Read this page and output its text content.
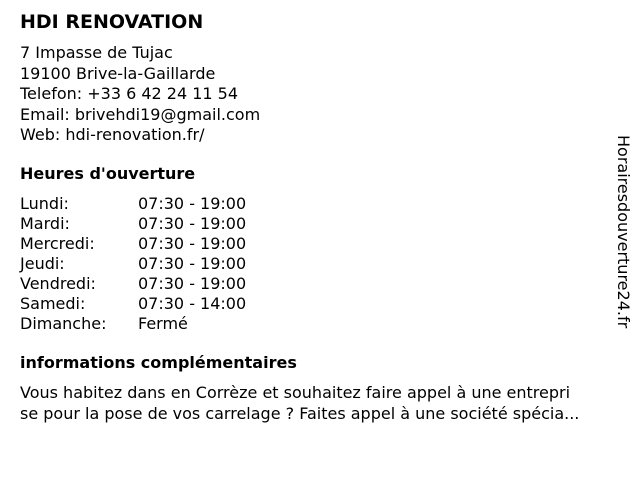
HDI RENOVATION
7 Impasse de Tujac
19100 Brive-la-Gaillarde
Telefon: +33 6 42 24 11 54
Email: brivehdi19@gmail.com
Web: hdi-renovation.fr/
Heures d'ouverture
Lundi:	07:30 - 19:00
Mardi:	07:30 - 19:00
Mercredi:	07:30 - 19:00
Jeudi:	07:30 - 19:00
Vendredi:	07:30 - 19:00
Samedi:	07:30 - 14:00
Dimanche:	Fermé
informations complémentaires
Vous habitez dans en Corrèze et souhaitez faire appel à une entrepri
se pour la pose de vos carrelage ? Faites appel à une société spécia...
Horairesdouverture24.fr
